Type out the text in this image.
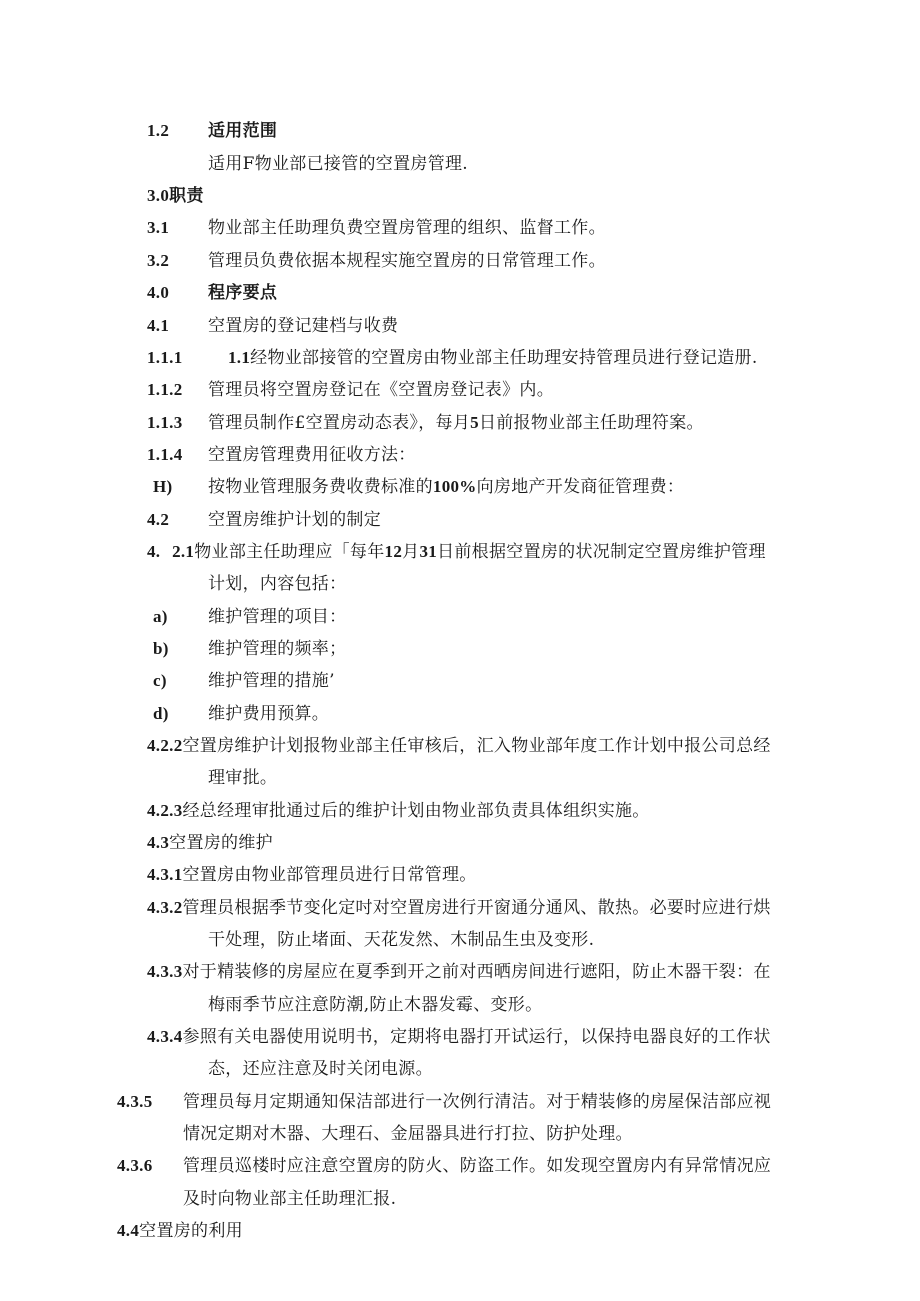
1.2 适用范围
适用F物业部已接管的空置房管理.
3.0职责
3.1 物业部主任助理负费空置房管理的组织、监督工作。
3.2 管理员负费依据本规程实施空置房的日常管理工作。
4.0 程序要点
4.1 空置房的登记建档与收费
1.1.1	1.1经物业部接管的空置房由物业部主任助理安持管理员进行登记造册.
1.1.2 管理员将空置房登记在《空置房登记表》内。
1.1.3 管理员制作£空置房动态表》，每月5日前报物业部主任助理符案。
1.1.4 空置房管理费用征收方法：
H) 按物业管理服务费收费标准的100%向房地产开发商征管理费：
4.2 空置房维护计划的制定
4. 2.1物业部主任助理应「每年12月31日前根据空置房的状况制定空置房维护管理
计划，内容包括：
a) 维护管理的项目：
b) 维护管理的频率；
c) 维护管理的措施’
d) 维护费用预算。
4.2.2空置房维护计划报物业部主任审核后，汇入物业部年度工作计划中报公司总经
理审批。
4.2.3经总经理审批通过后的维护计划由物业部负责具体组织实施。
4.3空置房的维护
4.3.1空置房由物业部管理员进行日常管理。
4.3.2管理员根据季节变化定吋对空置房进行开窗通分通风、散热。必要时应进行烘
干处理，防止堵面、天花发然、木制品生虫及变形.
4.3.3对于精装修的房屋应在夏季到开之前对西晒房间进行遮阳，防止木器干裂：在
梅雨季节应注意防潮,防止木器发霉、变形。
4.3.4参照有关电器使用说明书，定期将电器打开试运行，以保持电器良好的工作状
态，还应注意及时关闭电源。
4.3.5 管理员每月定期通知保洁部进行一次例行清洁。对于精装修的房屋保洁部应视
情况定期对木器、大理石、金屈器具进行打拉、防护处理。
4.3.6 管理员巡楼时应注意空置房的防火、防盗工作。如发现空置房内有异常情况应
及时向物业部主任助理汇报.
4.4空置房的利用
